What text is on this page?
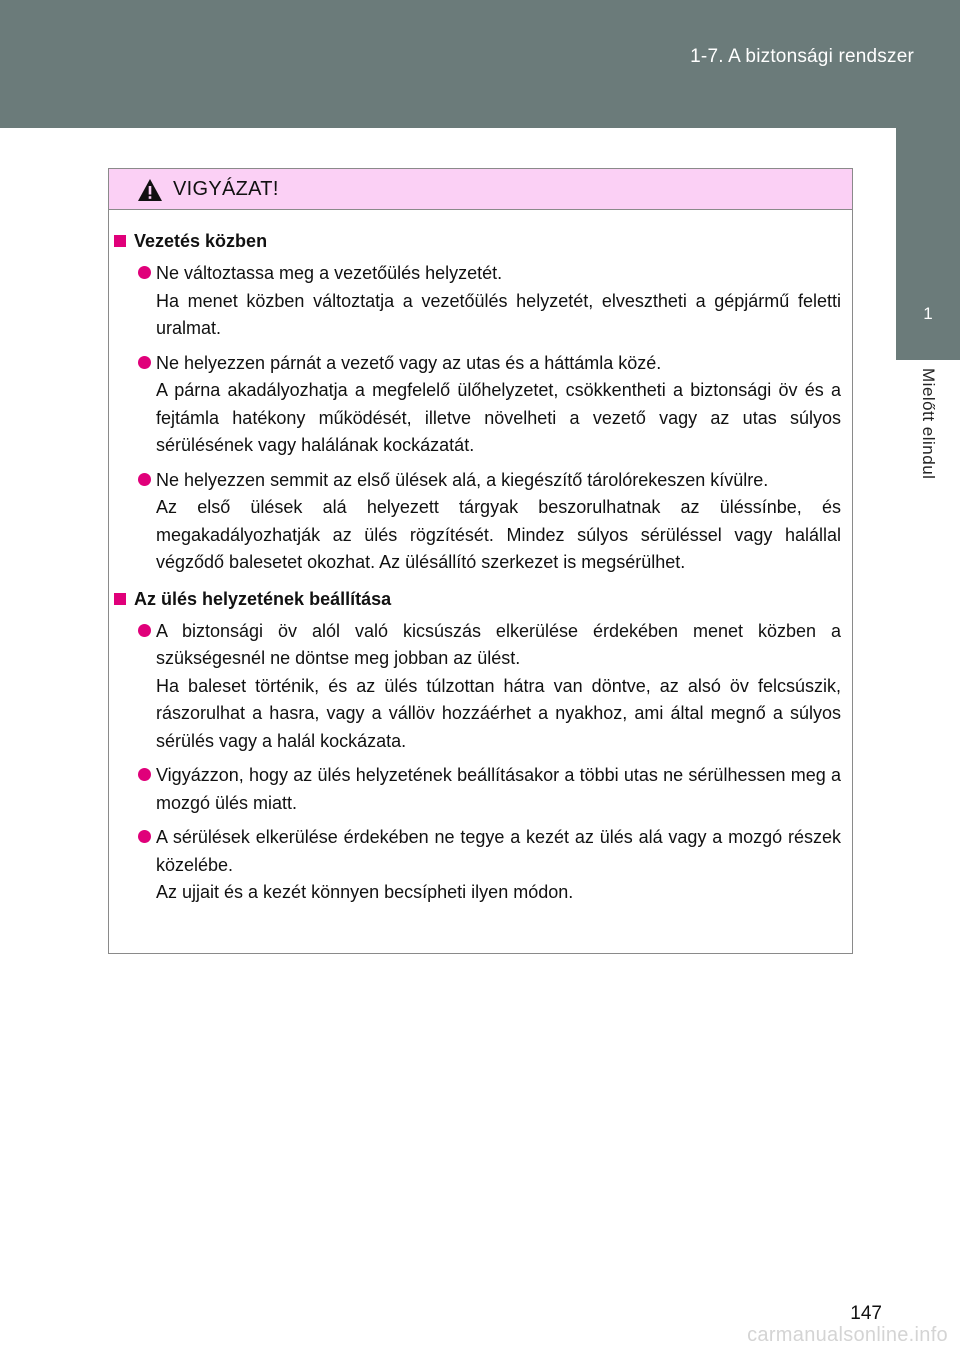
1-7. A biztonsági rendszer
1
Mielőtt elindul
VIGYÁZAT!
Vezetés közben

Ne változtassa meg a vezetőülés helyzetét.

Ha menet közben változtatja a vezetőülés helyzetét, elvesztheti a gépjármű feletti uralmat.

Ne helyezzen párnát a vezető vagy az utas és a háttámla közé.

A párna akadályozhatja a megfelelő ülőhelyzetet, csökkentheti a biztonsági öv és a fejtámla hatékony működését, illetve növelheti a vezető vagy az utas súlyos sérülésének vagy halálának kockázatát.

Ne helyezzen semmit az első ülések alá, a kiegészítő tárolórekeszen kívülre.

Az első ülések alá helyezett tárgyak beszorulhatnak az üléssínbe, és megakadályozhatják az ülés rögzítését. Mindez súlyos sérüléssel vagy halállal végződő balesetet okozhat. Az ülésállító szerkezet is megsérülhet.

Az ülés helyzetének beállítása

A biztonsági öv alól való kicsúszás elkerülése érdekében menet közben a szükségesnél ne döntse meg jobban az ülést.

Ha baleset történik, és az ülés túlzottan hátra van döntve, az alsó öv felcsúszik, rászorulhat a hasra, vagy a vállöv hozzáérhet a nyakhoz, ami által megnő a súlyos sérülés vagy a halál kockázata.

Vigyázzon, hogy az ülés helyzetének beállításakor a többi utas ne sérülhessen meg a mozgó ülés miatt.

A sérülések elkerülése érdekében ne tegye a kezét az ülés alá vagy a mozgó részek közelébe.

Az ujjait és a kezét könnyen becsípheti ilyen módon.

147
carmanualsonline.info
